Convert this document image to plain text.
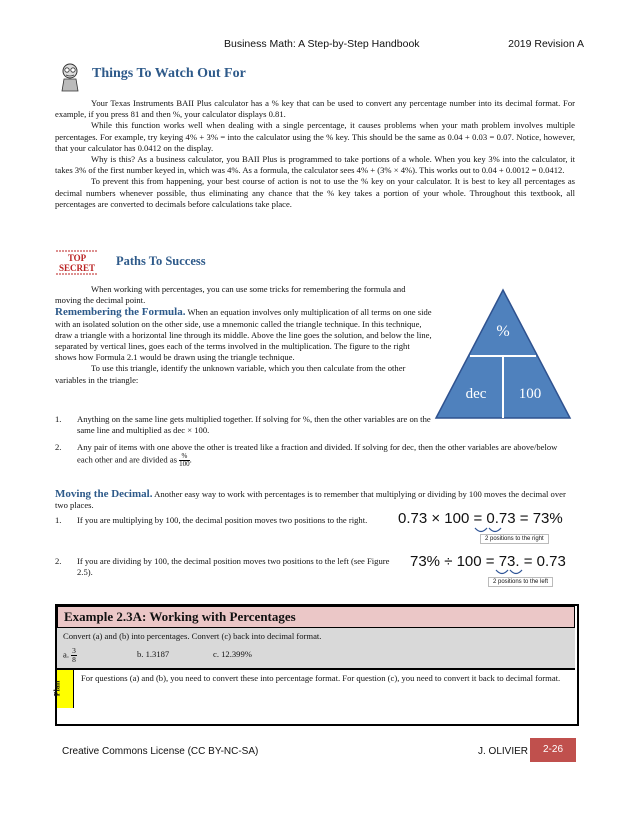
Business Math: A Step-by-Step Handbook	2019 Revision A
Things To Watch Out For

Your Texas Instruments BAII Plus calculator has a % key that can be used to convert any percentage number into its decimal format. For example, if you press 81 and then %, your calculator displays 0.81.

While this function works well when dealing with a single percentage, it causes problems when your math problem involves multiple percentages. For example, try keying 4% + 3% = into the calculator using the % key. This should be the same as 0.04 + 0.03 = 0.07. Notice, however, that your calculator has 0.0412 on the display.

Why is this? As a business calculator, you BAII Plus is programmed to take portions of a whole. When you key 3% into the calculator, it takes 3% of the first number keyed in, which was 4%. As a formula, the calculator sees 4% + (3% × 4%). This works out to 0.04 + 0.0012 = 0.0412.

To prevent this from happening, your best course of action is not to use the % key on your calculator. It is best to key all percentages as decimal numbers whenever possible, thus eliminating any chance that the % key takes a portion of your whole. Throughout this textbook, all percentages are converted to decimals before calculations take place.

TOP
SECRET Paths To Success

When working with percentages, you can use some tricks for remembering the formula and moving the decimal point.

Remembering the Formula. When an equation involves only multiplication of all terms on one side with an isolated solution on the other side, use a mnemonic called the triangle technique. In this technique, draw a triangle with a horizontal line through its middle. Above the line goes the solution, and below the line, separated by vertical lines, goes each of the terms involved in the multiplication. The figure to the right shows how Formula 2.1 would be drawn using the triangle technique.

To use this triangle, identify the unknown variable, which you then calculate from the other variables in the triangle:

%
dec 100
1. Anything on the same line gets multiplied together. If solving for %, then the other variables are on the same line and multiplied as dec × 100.
2. Any pair of items with one above the other is treated like a fraction and divided. If solving for dec, then the other variables are above/below each other and are divided as $\frac{\%}{100}$ .
Moving the Decimal. Another easy way to work with percentages is to remember that multiplying or dividing by 100 moves the decimal over two places.
1. If you are multiplying by 100, the decimal position moves two positions to the right.
2. If you are dividing by 100, the decimal position moves two positions to the left (see Figure 2.5).
0.73 × 100 = 0.73 = 73%
2 positions to the right
73% ÷ 100 = 73. = 0.73
2 positions to the left
Example 2.3A: Working with Percentages
Convert (a) and (b) into percentages. Convert (c) back into decimal format.
a. $\frac{3}{8}$	b. 1.3187	c. 12.399%
Plan
For questions (a) and (b), you need to convert these into percentage format. For question (c), you need to convert it back to decimal format.
Creative Commons License (CC BY-NC-SA)	J. OLIVIER	2-26
